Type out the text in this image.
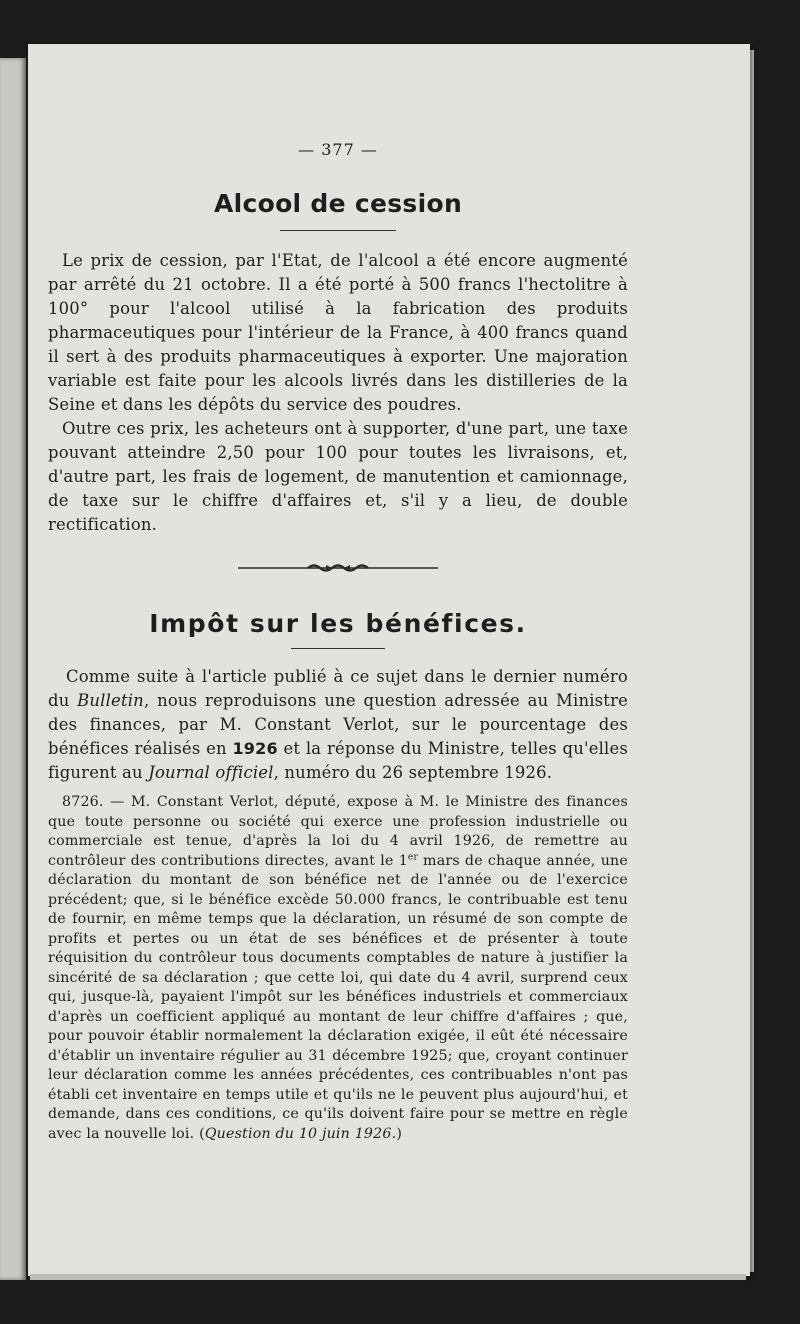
— 377 —
Alcool de cession

Le prix de cession, par l'Etat, de l'alcool a été encore augmenté par arrêté du 21 octobre. Il a été porté à 500 francs l'hectolitre à 100° pour l'alcool utilisé à la fabrication des produits pharmaceutiques pour l'intérieur de la France, à 400 francs quand il sert à des produits pharmaceutiques à exporter. Une majoration variable est faite pour les alcools livrés dans les distilleries de la Seine et dans les dépôts du service des poudres.

Outre ces prix, les acheteurs ont à supporter, d'une part, une taxe pouvant atteindre 2,50 pour 100 pour toutes les livraisons, et, d'autre part, les frais de logement, de manutention et camionnage, de taxe sur le chiffre d'affaires et, s'il y a lieu, de double rectification.

Impôt sur les bénéfices.

Comme suite à l'article publié à ce sujet dans le dernier numéro du Bulletin, nous reproduisons une question adressée au Ministre des finances, par M. Constant Verlot, sur le pourcentage des bénéfices réalisés en 1926 et la réponse du Ministre, telles qu'elles figurent au Journal officiel, numéro du 26 septembre 1926.

8726. — M. Constant Verlot, député, expose à M. le Ministre des finances que toute personne ou société qui exerce une profession industrielle ou commerciale est tenue, d'après la loi du 4 avril 1926, de remettre au contrôleur des contributions directes, avant le 1er mars de chaque année, une déclaration du montant de son bénéfice net de l'année ou de l'exercice précédent; que, si le bénéfice excède 50.000 francs, le contribuable est tenu de fournir, en même temps que la déclaration, un résumé de son compte de profits et pertes ou un état de ses bénéfices et de présenter à toute réquisition du contrôleur tous documents comptables de nature à justifier la sincérité de sa déclaration ; que cette loi, qui date du 4 avril, surprend ceux qui, jusque-là, payaient l'impôt sur les bénéfices industriels et commerciaux d'après un coefficient appliqué au montant de leur chiffre d'affaires ; que, pour pouvoir établir normalement la déclaration exigée, il eût été nécessaire d'établir un inventaire régulier au 31 décembre 1925; que, croyant continuer leur déclaration comme les années précédentes, ces contribuables n'ont pas établi cet inventaire en temps utile et qu'ils ne le peuvent plus aujourd'hui, et demande, dans ces conditions, ce qu'ils doivent faire pour se mettre en règle avec la nouvelle loi. (Question du 10 juin 1926.)
